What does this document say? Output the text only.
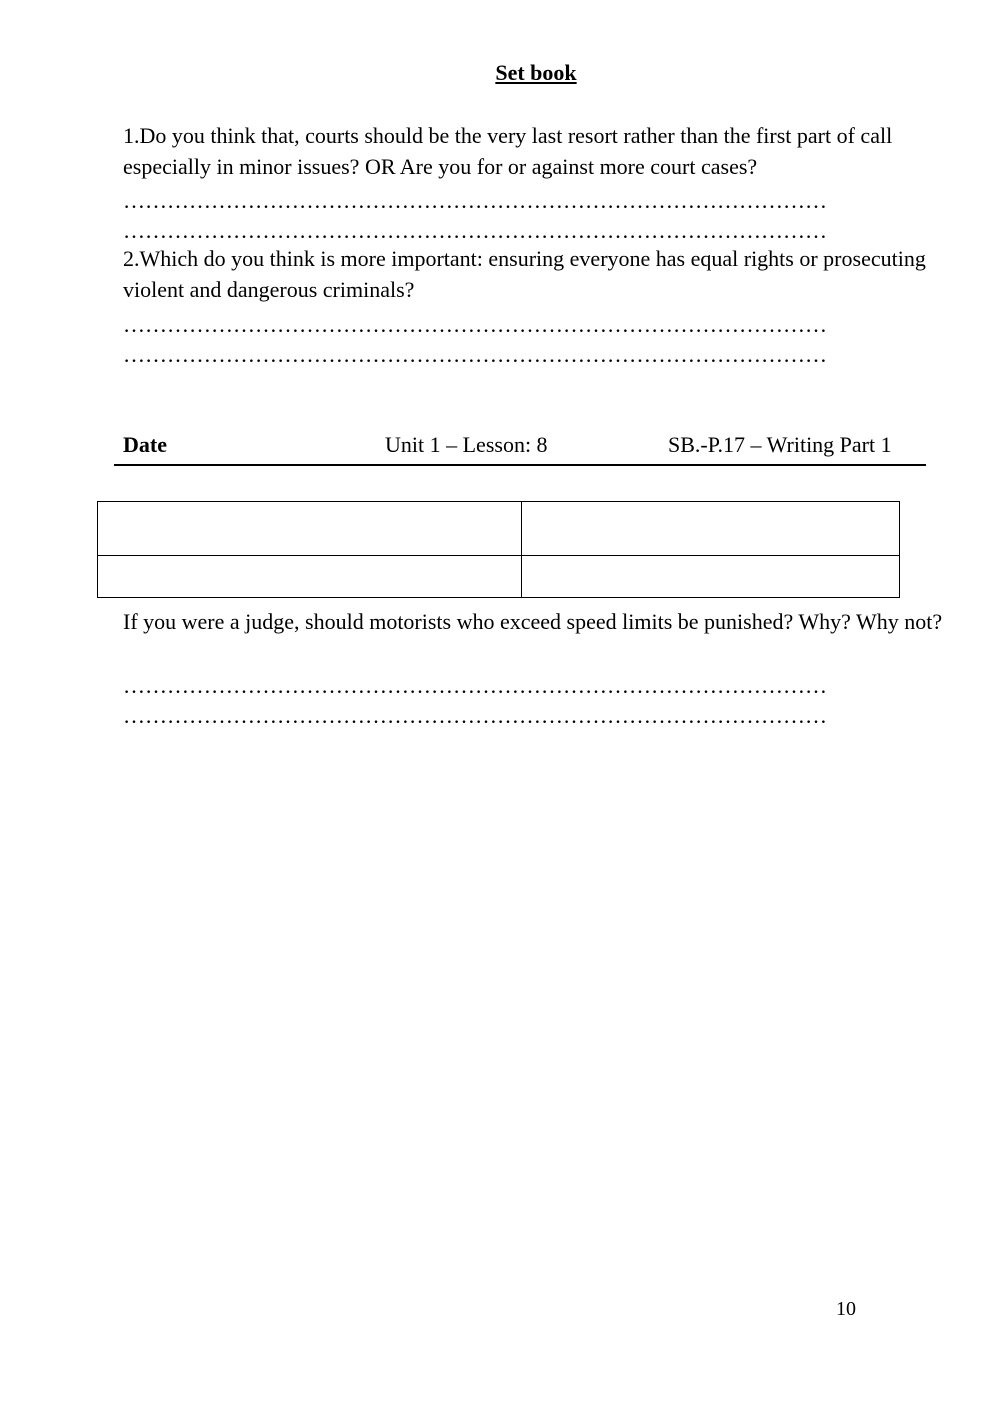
Set book
1.Do you think that, courts should be the very last resort rather than the first part of call especially in minor issues? OR Are you for or against more court cases?
……………………………………………………………………………………
……………………………………………………………………………………
2.Which do you think is more important: ensuring everyone has equal rights or prosecuting violent and dangerous criminals?
……………………………………………………………………………………
……………………………………………………………………………………
Date	Unit 1 – Lesson: 8	SB.-P.17 – Writing Part 1

If you were a judge, should motorists who exceed speed limits be punished? Why? Why not?
……………………………………………………………………………………
……………………………………………………………………………………
10
